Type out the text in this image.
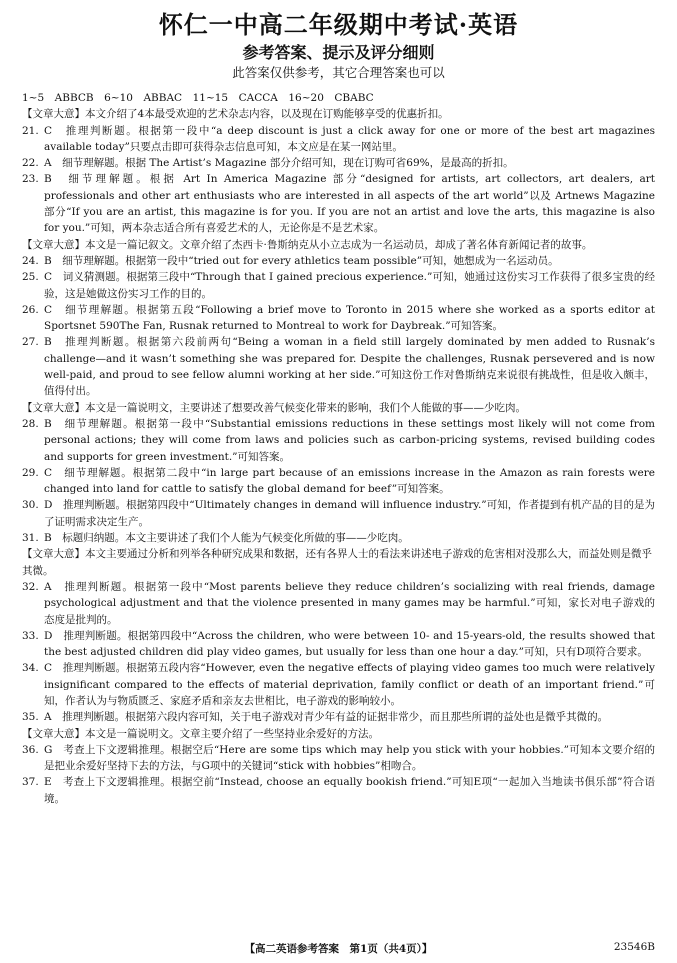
怀仁一中高二年级期中考试·英语
参考答案、提示及评分细则
此答案仅供参考，其它合理答案也可以

1~5　ABBCB　6~10　ABBAC　11~15　CACCA　16~20　CBABC

【文章大意】本文介绍了4本最受欢迎的艺术杂志内容，以及现在订购能够享受的优惠折扣。

21. C　推理判断题。根据第一段中“a deep discount is just a click away for one or more of the best art magazines available today”只要点击即可获得杂志信息可知，本文应是在某一网站里。
22. A　细节理解题。根据 The Artist’s Magazine 部分介绍可知，现在订购可省69%，是最高的折扣。
23. B　细节理解题。根据 Art In America Magazine 部分“designed for artists, art collectors, art dealers, art professionals and other art enthusiasts who are interested in all aspects of the art world”以及 Artnews Magazine 部分“If you are an artist, this magazine is for you. If you are not an artist and love the arts, this magazine is also for you.”可知，两本杂志适合所有喜爱艺术的人，无论你是不是艺术家。

【文章大意】本文是一篇记叙文。文章介绍了杰西卡·鲁斯纳克从小立志成为一名运动员，却成了著名体育新闻记者的故事。

24. B　细节理解题。根据第一段中“tried out for every athletics team possible”可知，她想成为一名运动员。
25. C　词义猜测题。根据第三段中“Through that I gained precious experience.”可知，她通过这份实习工作获得了很多宝贵的经验，这是她做这份实习工作的目的。
26. C　细节理解题。根据第五段“Following a brief move to Toronto in 2015 where she worked as a sports editor at Sportsnet 590The Fan, Rusnak returned to Montreal to work for Daybreak.”可知答案。
27. B　推理判断题。根据第六段前两句“Being a woman in a field still largely dominated by men added to Rusnak’s challenge—and it wasn’t something she was prepared for. Despite the challenges, Rusnak persevered and is now well-paid, and proud to see fellow alumni working at her side.”可知这份工作对鲁斯纳克来说很有挑战性，但是收入颇丰，值得付出。

【文章大意】本文是一篇说明文，主要讲述了想要改善气候变化带来的影响，我们个人能做的事——少吃肉。

28. B　细节理解题。根据第一段中“Substantial emissions reductions in these settings most likely will not come from personal actions; they will come from laws and policies such as carbon-pricing systems, revised building codes and supports for green investment.”可知答案。
29. C　细节理解题。根据第二段中“in large part because of an emissions increase in the Amazon as rain forests were changed into land for cattle to satisfy the global demand for beef”可知答案。
30. D　推理判断题。根据第四段中“Ultimately changes in demand will influence industry.”可知，作者提到有机产品的目的是为了证明需求决定生产。
31. B　标题归纳题。本文主要讲述了我们个人能为气候变化所做的事——少吃肉。

【文章大意】本文主要通过分析和列举各种研究成果和数据，还有各界人士的看法来讲述电子游戏的危害相对没那么大，而益处则是微乎其微。

32. A　推理判断题。根据第一段中“Most parents believe they reduce children’s socializing with real friends, damage psychological adjustment and that the violence presented in many games may be harmful.”可知，家长对电子游戏的态度是批判的。
33. D　推理判断题。根据第四段中“Across the children, who were between 10- and 15-years-old, the results showed that the best adjusted children did play video games, but usually for less than one hour a day.”可知，只有D项符合要求。
34. C　推理判断题。根据第五段内容“However, even the negative effects of playing video games too much were relatively insignificant compared to the effects of material deprivation, family conflict or death of an important friend.”可知，作者认为与物质匮乏、家庭矛盾和亲友去世相比，电子游戏的影响较小。
35. A　推理判断题。根据第六段内容可知，关于电子游戏对青少年有益的证据非常少，而且那些所谓的益处也是微乎其微的。

【文章大意】本文是一篇说明文。文章主要介绍了一些坚持业余爱好的方法。

36. G　考查上下文逻辑推理。根据空后“Here are some tips which may help you stick with your hobbies.”可知本文要介绍的是把业余爱好坚持下去的方法，与G项中的关键词“stick with hobbies”相吻合。
37. E　考查上下文逻辑推理。根据空前“Instead, choose an equally bookish friend.”可知E项“一起加入当地读书俱乐部”符合语境。
【高二英语参考答案　第1页（共4页）】	23546B
